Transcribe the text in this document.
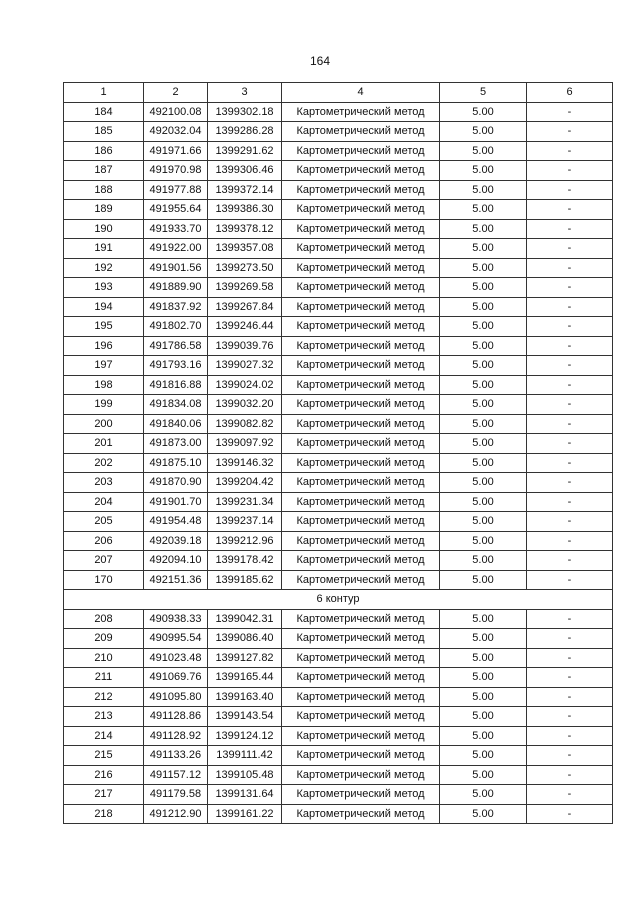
164
1	2	3	4	5	6
184	492100.08	1399302.18	Картометрический метод	5.00	-
185	492032.04	1399286.28	Картометрический метод	5.00	-
186	491971.66	1399291.62	Картометрический метод	5.00	-
187	491970.98	1399306.46	Картометрический метод	5.00	-
188	491977.88	1399372.14	Картометрический метод	5.00	-
189	491955.64	1399386.30	Картометрический метод	5.00	-
190	491933.70	1399378.12	Картометрический метод	5.00	-
191	491922.00	1399357.08	Картометрический метод	5.00	-
192	491901.56	1399273.50	Картометрический метод	5.00	-
193	491889.90	1399269.58	Картометрический метод	5.00	-
194	491837.92	1399267.84	Картометрический метод	5.00	-
195	491802.70	1399246.44	Картометрический метод	5.00	-
196	491786.58	1399039.76	Картометрический метод	5.00	-
197	491793.16	1399027.32	Картометрический метод	5.00	-
198	491816.88	1399024.02	Картометрический метод	5.00	-
199	491834.08	1399032.20	Картометрический метод	5.00	-
200	491840.06	1399082.82	Картометрический метод	5.00	-
201	491873.00	1399097.92	Картометрический метод	5.00	-
202	491875.10	1399146.32	Картометрический метод	5.00	-
203	491870.90	1399204.42	Картометрический метод	5.00	-
204	491901.70	1399231.34	Картометрический метод	5.00	-
205	491954.48	1399237.14	Картометрический метод	5.00	-
206	492039.18	1399212.96	Картометрический метод	5.00	-
207	492094.10	1399178.42	Картометрический метод	5.00	-
170	492151.36	1399185.62	Картометрический метод	5.00	-
6 контур					
208	490938.33	1399042.31	Картометрический метод	5.00	-
209	490995.54	1399086.40	Картометрический метод	5.00	-
210	491023.48	1399127.82	Картометрический метод	5.00	-
211	491069.76	1399165.44	Картометрический метод	5.00	-
212	491095.80	1399163.40	Картометрический метод	5.00	-
213	491128.86	1399143.54	Картометрический метод	5.00	-
214	491128.92	1399124.12	Картометрический метод	5.00	-
215	491133.26	1399111.42	Картометрический метод	5.00	-
216	491157.12	1399105.48	Картометрический метод	5.00	-
217	491179.58	1399131.64	Картометрический метод	5.00	-
218	491212.90	1399161.22	Картометрический метод	5.00	-
